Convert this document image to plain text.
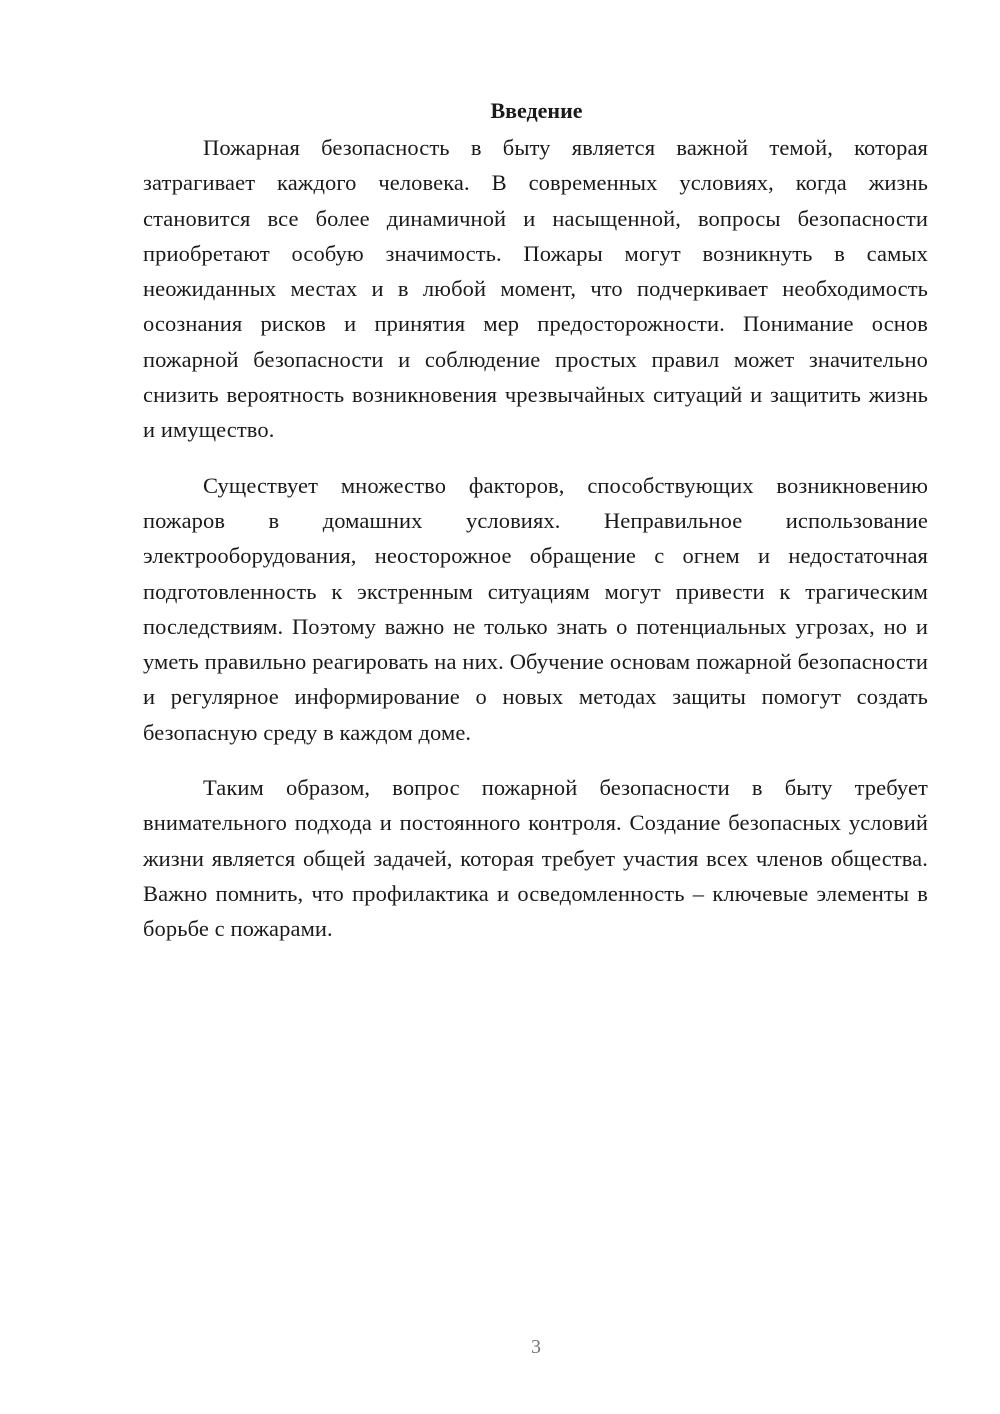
Введение

Пожарная безопасность в быту является важной темой, которая затрагивает каждого человека. В современных условиях, когда жизнь становится все более динамичной и насыщенной, вопросы безопасности приобретают особую значимость. Пожары могут возникнуть в самых неожиданных местах и в любой момент, что подчеркивает необходимость осознания рисков и принятия мер предосторожности. Понимание основ пожарной безопасности и соблюдение простых правил может значительно снизить вероятность возникновения чрезвычайных ситуаций и защитить жизнь и имущество.

Существует множество факторов, способствующих возникновению пожаров в домашних условиях. Неправильное использование электрооборудования, неосторожное обращение с огнем и недостаточная подготовленность к экстренным ситуациям могут привести к трагическим последствиям. Поэтому важно не только знать о потенциальных угрозах, но и уметь правильно реагировать на них. Обучение основам пожарной безопасности и регулярное информирование о новых методах защиты помогут создать безопасную среду в каждом доме.

Таким образом, вопрос пожарной безопасности в быту требует внимательного подхода и постоянного контроля. Создание безопасных условий жизни является общей задачей, которая требует участия всех членов общества. Важно помнить, что профилактика и осведомленность – ключевые элементы в борьбе с пожарами.

3
